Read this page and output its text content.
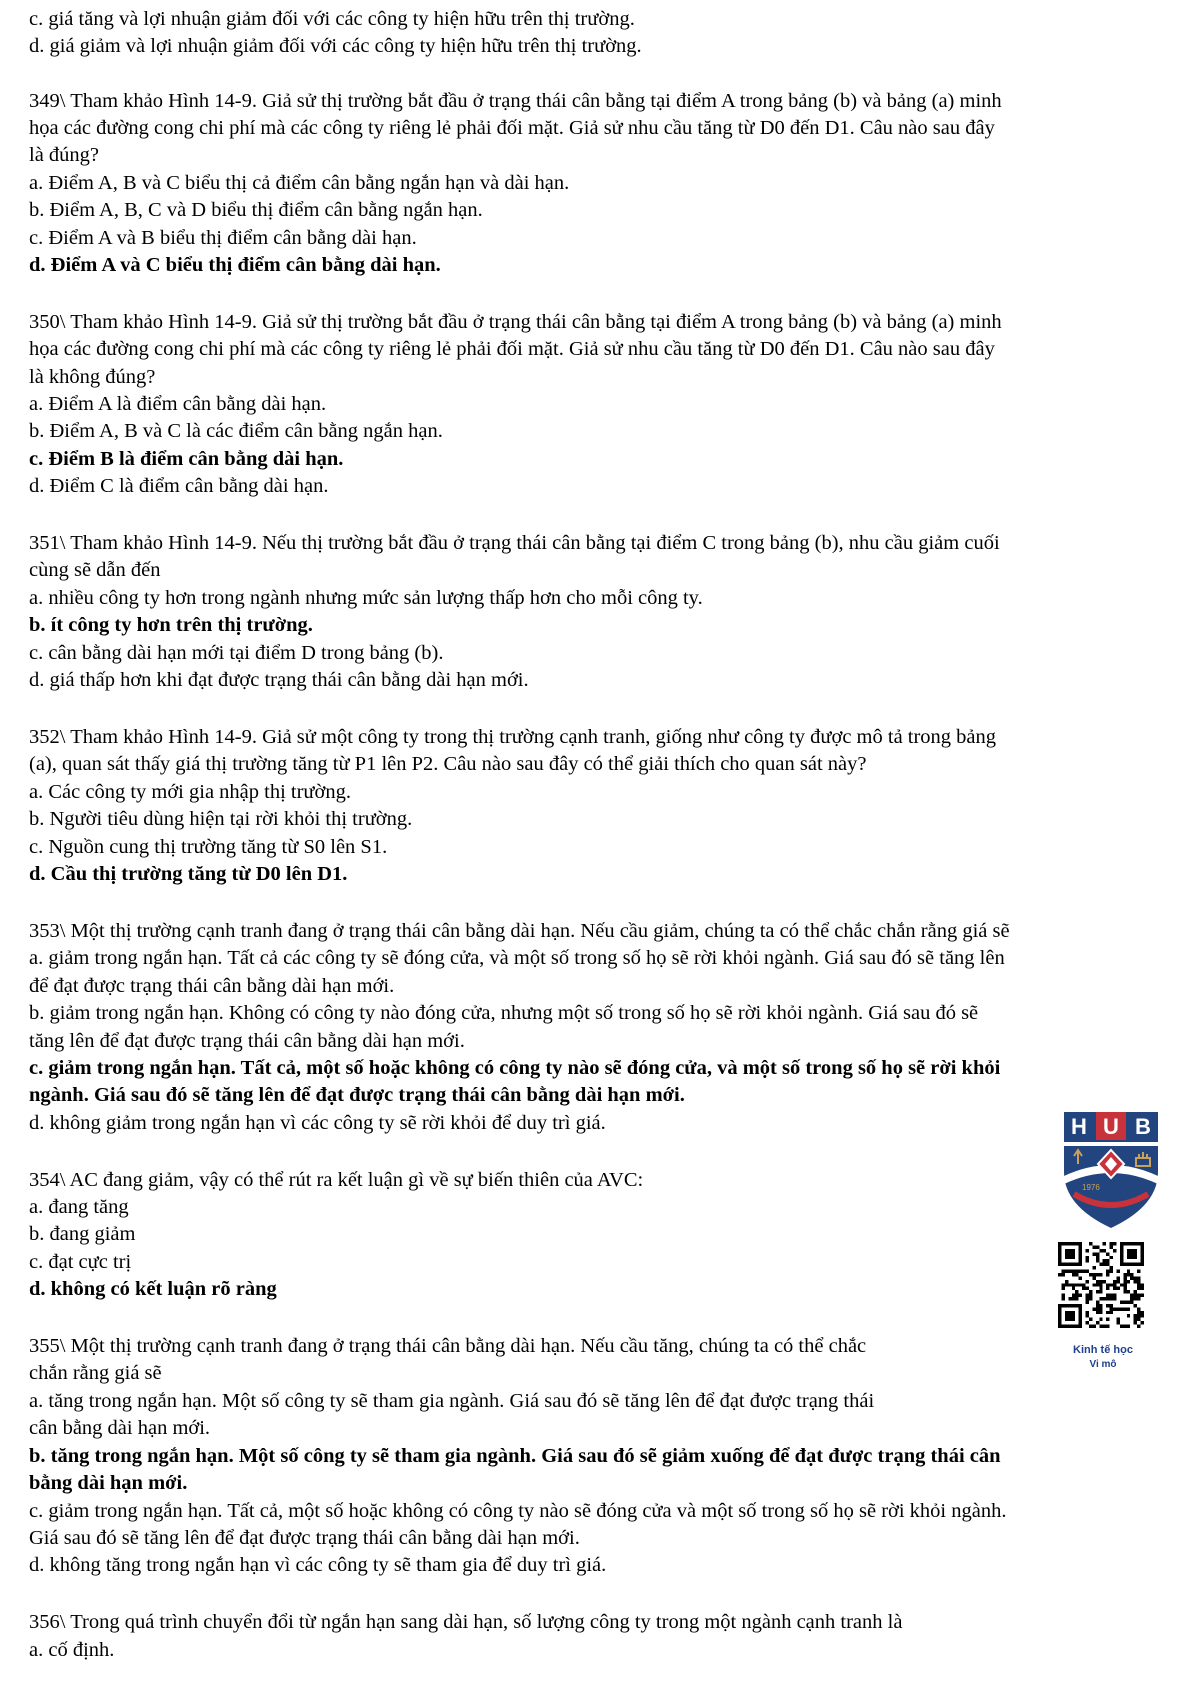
c. giá tăng và lợi nhuận giảm đối với các công ty hiện hữu trên thị trường.
d. giá giảm và lợi nhuận giảm đối với các công ty hiện hữu trên thị trường.
349\ Tham khảo Hình 14-9. Giả sử thị trường bắt đầu ở trạng thái cân bằng tại điểm A trong bảng (b) và bảng (a) minh
họa các đường cong chi phí mà các công ty riêng lẻ phải đối mặt. Giả sử nhu cầu tăng từ D0 đến D1. Câu nào sau đây
là đúng?
a. Điểm A, B và C biểu thị cả điểm cân bằng ngắn hạn và dài hạn.
b. Điểm A, B, C và D biểu thị điểm cân bằng ngắn hạn.
c. Điểm A và B biểu thị điểm cân bằng dài hạn.
d. Điểm A và C biểu thị điểm cân bằng dài hạn.
350\ Tham khảo Hình 14-9. Giả sử thị trường bắt đầu ở trạng thái cân bằng tại điểm A trong bảng (b) và bảng (a) minh
họa các đường cong chi phí mà các công ty riêng lẻ phải đối mặt. Giả sử nhu cầu tăng từ D0 đến D1. Câu nào sau đây
là không đúng?
a. Điểm A là điểm cân bằng dài hạn.
b. Điểm A, B và C là các điểm cân bằng ngắn hạn.
c. Điểm B là điểm cân bằng dài hạn.
d. Điểm C là điểm cân bằng dài hạn.
351\ Tham khảo Hình 14-9. Nếu thị trường bắt đầu ở trạng thái cân bằng tại điểm C trong bảng (b), nhu cầu giảm cuối
cùng sẽ dẫn đến
a. nhiều công ty hơn trong ngành nhưng mức sản lượng thấp hơn cho mỗi công ty.
b. ít công ty hơn trên thị trường.
c. cân bằng dài hạn mới tại điểm D trong bảng (b).
d. giá thấp hơn khi đạt được trạng thái cân bằng dài hạn mới.
352\ Tham khảo Hình 14-9. Giả sử một công ty trong thị trường cạnh tranh, giống như công ty được mô tả trong bảng
(a), quan sát thấy giá thị trường tăng từ P1 lên P2. Câu nào sau đây có thể giải thích cho quan sát này?
a. Các công ty mới gia nhập thị trường.
b. Người tiêu dùng hiện tại rời khỏi thị trường.
c. Nguồn cung thị trường tăng từ S0 lên S1.
d. Cầu thị trường tăng từ D0 lên D1.
353\ Một thị trường cạnh tranh đang ở trạng thái cân bằng dài hạn. Nếu cầu giảm, chúng ta có thể chắc chắn rằng giá sẽ
a. giảm trong ngắn hạn. Tất cả các công ty sẽ đóng cửa, và một số trong số họ sẽ rời khỏi ngành. Giá sau đó sẽ tăng lên
để đạt được trạng thái cân bằng dài hạn mới.
b. giảm trong ngắn hạn. Không có công ty nào đóng cửa, nhưng một số trong số họ sẽ rời khỏi ngành. Giá sau đó sẽ
tăng lên để đạt được trạng thái cân bằng dài hạn mới.
c. giảm trong ngắn hạn. Tất cả, một số hoặc không có công ty nào sẽ đóng cửa, và một số trong số họ sẽ rời khỏi
ngành. Giá sau đó sẽ tăng lên để đạt được trạng thái cân bằng dài hạn mới.
d. không giảm trong ngắn hạn vì các công ty sẽ rời khỏi để duy trì giá.
354\ AC đang giảm, vậy có thể rút ra kết luận gì về sự biến thiên của AVC:
a. đang tăng
b. đang giảm
c. đạt cực trị
d. không có kết luận rõ ràng
355\ Một thị trường cạnh tranh đang ở trạng thái cân bằng dài hạn. Nếu cầu tăng, chúng ta có thể chắc
chắn rằng giá sẽ
a. tăng trong ngắn hạn. Một số công ty sẽ tham gia ngành. Giá sau đó sẽ tăng lên để đạt được trạng thái
cân bằng dài hạn mới.
b. tăng trong ngắn hạn. Một số công ty sẽ tham gia ngành. Giá sau đó sẽ giảm xuống để đạt được trạng thái cân
bằng dài hạn mới.
c. giảm trong ngắn hạn. Tất cả, một số hoặc không có công ty nào sẽ đóng cửa và một số trong số họ sẽ rời khỏi ngành.
Giá sau đó sẽ tăng lên để đạt được trạng thái cân bằng dài hạn mới.
d. không tăng trong ngắn hạn vì các công ty sẽ tham gia để duy trì giá.
356\ Trong quá trình chuyển đổi từ ngắn hạn sang dài hạn, số lượng công ty trong một ngành cạnh tranh là
a. cố định.
H U B
1976
Kinh tế học
Vi mô
